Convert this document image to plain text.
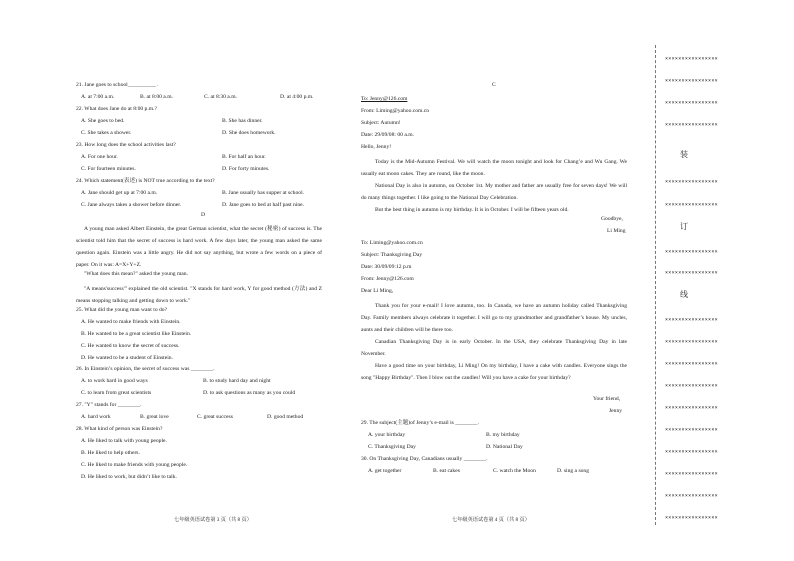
21. Jane goes to school__________ .
A. at 7:00 a.m.	B. at 8:00 a.m.	C. at 8:30 a.m.	D. at 4:00 p.m.
22. What does Jane do at 8:00 p.m.?
A. She goes to bed.	B. She has dinner.
C. She takes a shower.	D. She does homework.
23. How long does the school activities last?
A. For one hour.	B. For half an hour.
C. For fourteen minutes.	D. For forty minutes.
24. Which statement(表述) is NOT true according to the text?
A. Jane should get up at 7:00 a.m.	B. Jane usually has supper at school.
C. Jane always takes a shower before dinner.	D. Jane goes to bed at half past nine.
D
A young man asked Albert Einstein, the great German scientist, what the secret (秘密) of success is. The scientist told him that the secret of success is hard work. A few days later, the young man asked the same question again. Einstein was a little angry. He did not say anything, but wrote a few words on a piece of paper. On it was: A=X+Y+Z.
"What does this mean?" asked the young man.
"A means'success'" explained the old scientist. "X stands for hard work, Y for good method (方法) and Z means stopping talking and getting down to work."
25. What did the young man want to do?
A. He wanted to make friends with Einstein.
B. He wanted to be a great scientist like Einstein.
C. He wanted to know the secret of success.
D. He wanted to be a student of Einstein.
26. In Einstein’s opinion, the secret of success was ________.
A. to work hard in good ways	B. to study hard day and night
C. to learn from great scientists	D. to ask questions as many as you could
27. "Y" stands for ________.
A. hard work	B. great love	C. great success	D. good method
28. What kind of person was Einstein?
A. He liked to talk with young people.
B. He liked to help others.
C. He liked to make friends with young people.
D. He liked to work, but didn’t like to talk.
七年级英语试卷第 3 页（共 8 页）
C
To: Jenny@126.com
From: Liming@yahoo.com.cn
Subject: Autumn!
Date: 29/09/08: 00 a.m.
Hello, Jenny!
Today is the Mid-Autumn Festival. We will watch the moon tonight and look for Chang’e and Wu Gang. We usually eat moon cakes. They are round, like the moon.
National Day is also in autumn, on October 1st. My mother and father are usually free for seven days! We will do many things together. I like going to the National Day Celebration.
But the best thing in autumn is my birthday. It is in October. I will be fifteen years old.
Goodbye,
Li Ming
To: Liming@yahoo.com.cn
Subject: Thanksgiving Day
Date: 30/09/09:12 p.m
From: Jenny@126.com
Dear Li Ming,
Thank you for your e-mail! I love autumn, too. In Canada, we have an autumn holiday called Thanksgiving Day. Family members always celebrate it together. I will go to my grandmother and grandfather’s house. My uncles, aunts and their children will be there too.
Canadian Thanksgiving Day is in early October. In the USA, they celebrate Thanksgiving Day in late November.
Have a good time on your birthday, Li Ming! On my birthday, I have a cake with candles. Everyone sings the song "Happy Birthday". Then I blow out the candles! Will you have a cake for your birthday?
Your friend,
Jenny
29. The subject(主题)of Jenny’s e-mail is ________.
A. your birthday	B. my birthday
C. Thanksgiving Day	D. National Day
30. On Thanksgiving Day, Canadians usually ________.
A. get together	B. eat cakes	C. watch the Moon	D. sing a song
七年级英语试卷第 4 页（共 8 页）
××××××××××××××××
××××××××××××××××
××××××××××××××××
××××××××××××××××
装
××××××××××××××××
××××××××××××××××
订
××××××××××××××××
××××××××××××××××
线
××××××××××××××××
××××××××××××××××
××××××××××××××××
××××××××××××××××
××××××××××××××××
××××××××××××××××
××××××××××××××××
××××××××××××××××
××××××××××××××××
××××××××××××××××
